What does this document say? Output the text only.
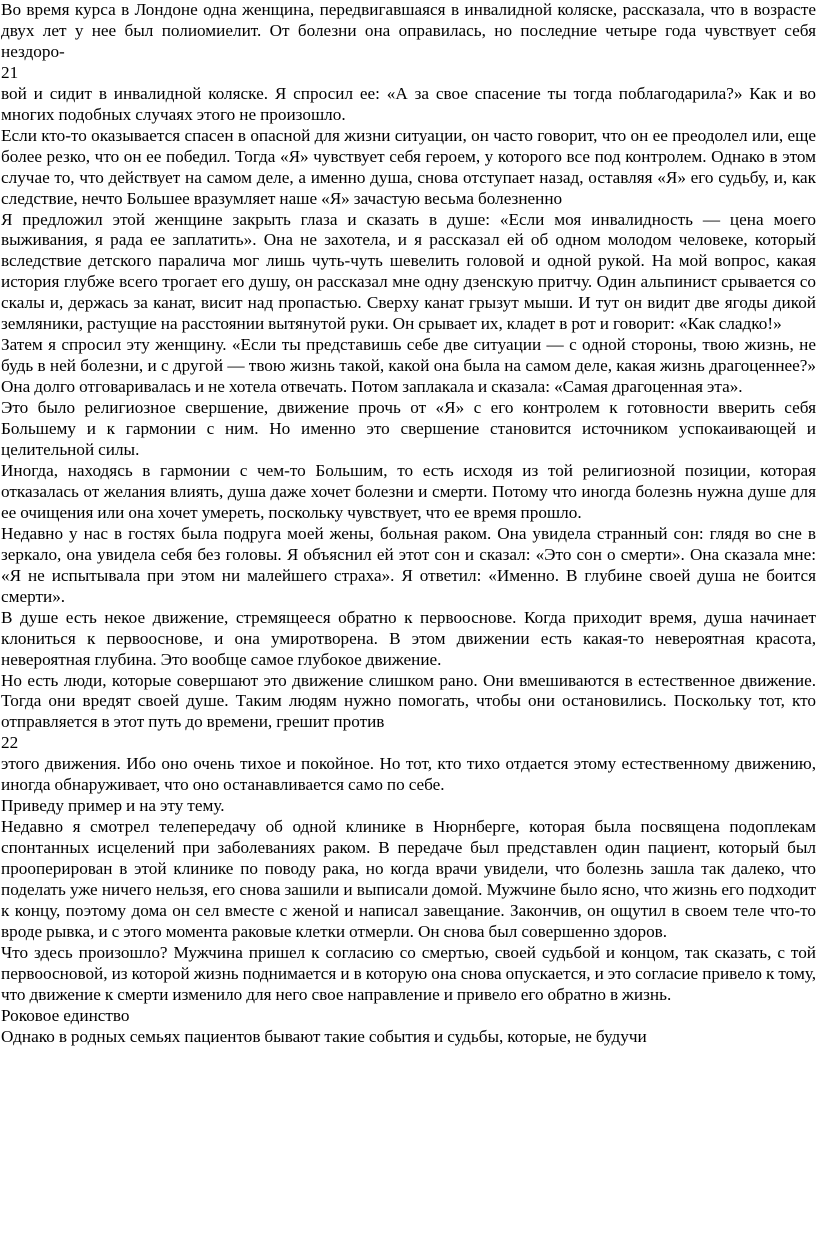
Во время курса в Лондоне одна женщина, передвигавшаяся в инвалидной коляске, рассказала, что в возрасте двух лет у нее был полиомиелит. От болезни она оправилась, но последние четыре года чувствует себя нездоро-
21
вой и сидит в инвалидной коляске. Я спросил ее: «А за свое спасение ты тогда поблагодарила?» Как и во многих подобных случаях этого не произошло.
Если кто-то оказывается спасен в опасной для жизни ситуации, он часто говорит, что он ее преодолел или, еще более резко, что он ее победил. Тогда «Я» чувствует себя героем, у которого все под контролем. Однако в этом случае то, что действует на самом деле, а именно душа, снова отступает назад, оставляя «Я» его судьбу, и, как следствие, нечто Большее вразумляет наше «Я» зачастую весьма болезненно
Я предложил этой женщине закрыть глаза и сказать в душе: «Если моя инвалидность — цена моего выживания, я рада ее заплатить». Она не захотела, и я рассказал ей об одном молодом человеке, который вследствие детского паралича мог лишь чуть-чуть шевелить головой и одной рукой. На мой вопрос, какая история глубже всего трогает его душу, он рассказал мне одну дзенскую притчу. Один альпинист срывается со скалы и, держась за канат, висит над пропастью. Сверху канат грызут мыши. И тут он видит две ягоды дикой земляники, растущие на расстоянии вытянутой руки. Он срывает их, кладет в рот и говорит: «Как сладко!»
Затем я спросил эту женщину. «Если ты представишь себе две ситуации — с одной стороны, твою жизнь, не будь в ней болезни, и с другой — твою жизнь такой, какой она была на самом деле, какая жизнь драгоценнее?» Она долго отговаривалась и не хотела отвечать. Потом заплакала и сказала: «Самая драгоценная эта».
Это было религиозное свершение, движение прочь от «Я» с его контролем к готовности вверить себя Большему и к гармонии с ним. Но именно это свершение становится источником успокаивающей и целительной силы.
Иногда, находясь в гармонии с чем-то Большим, то есть исходя из той религиозной позиции, которая отказалась от желания влиять, душа даже хочет болезни и смерти. Потому что иногда болезнь нужна душе для ее очищения или она хочет умереть, поскольку чувствует, что ее время прошло.
Недавно у нас в гостях была подруга моей жены, больная раком. Она увидела странный сон: глядя во сне в зеркало, она увидела себя без головы. Я объяснил ей этот сон и сказал: «Это сон о смерти». Она сказала мне: «Я не испытывала при этом ни малейшего страха». Я ответил: «Именно. В глубине своей душа не боится смерти».
В душе есть некое движение, стремящееся обратно к первооснове. Когда приходит время, душа начинает клониться к первооснове, и она умиротворена. В этом движении есть какая-то невероятная красота, невероятная глубина. Это вообще самое глубокое движение.
Но есть люди, которые совершают это движение слишком рано. Они вмешиваются в естественное движение. Тогда они вредят своей душе. Таким людям нужно помогать, чтобы они остановились. Поскольку тот, кто отправляется в этот путь до времени, грешит против
22
этого движения. Ибо оно очень тихое и покойное. Но тот, кто тихо отдается этому естественному движению, иногда обнаруживает, что оно останавливается само по себе.
Приведу пример и на эту тему.
Недавно я смотрел телепередачу об одной клинике в Нюрнберге, которая была посвящена подоплекам спонтанных исцелений при заболеваниях раком. В передаче был представлен один пациент, который был прооперирован в этой клинике по поводу рака, но когда врачи увидели, что болезнь зашла так далеко, что поделать уже ничего нельзя, его снова зашили и выписали домой. Мужчине было ясно, что жизнь его подходит к концу, поэтому дома он сел вместе с женой и написал завещание. Закончив, он ощутил в своем теле что-то вроде рывка, и с этого момента раковые клетки отмерли. Он снова был совершенно здоров.
Что здесь произошло? Мужчина пришел к согласию со смертью, своей судьбой и концом, так сказать, с той первоосновой, из которой жизнь поднимается и в которую она снова опускается, и это согласие привело к тому, что движение к смерти изменило для него свое направление и привело его обратно в жизнь.
Роковое единство
Однако в родных семьях пациентов бывают такие события и судьбы, которые, не будучи
